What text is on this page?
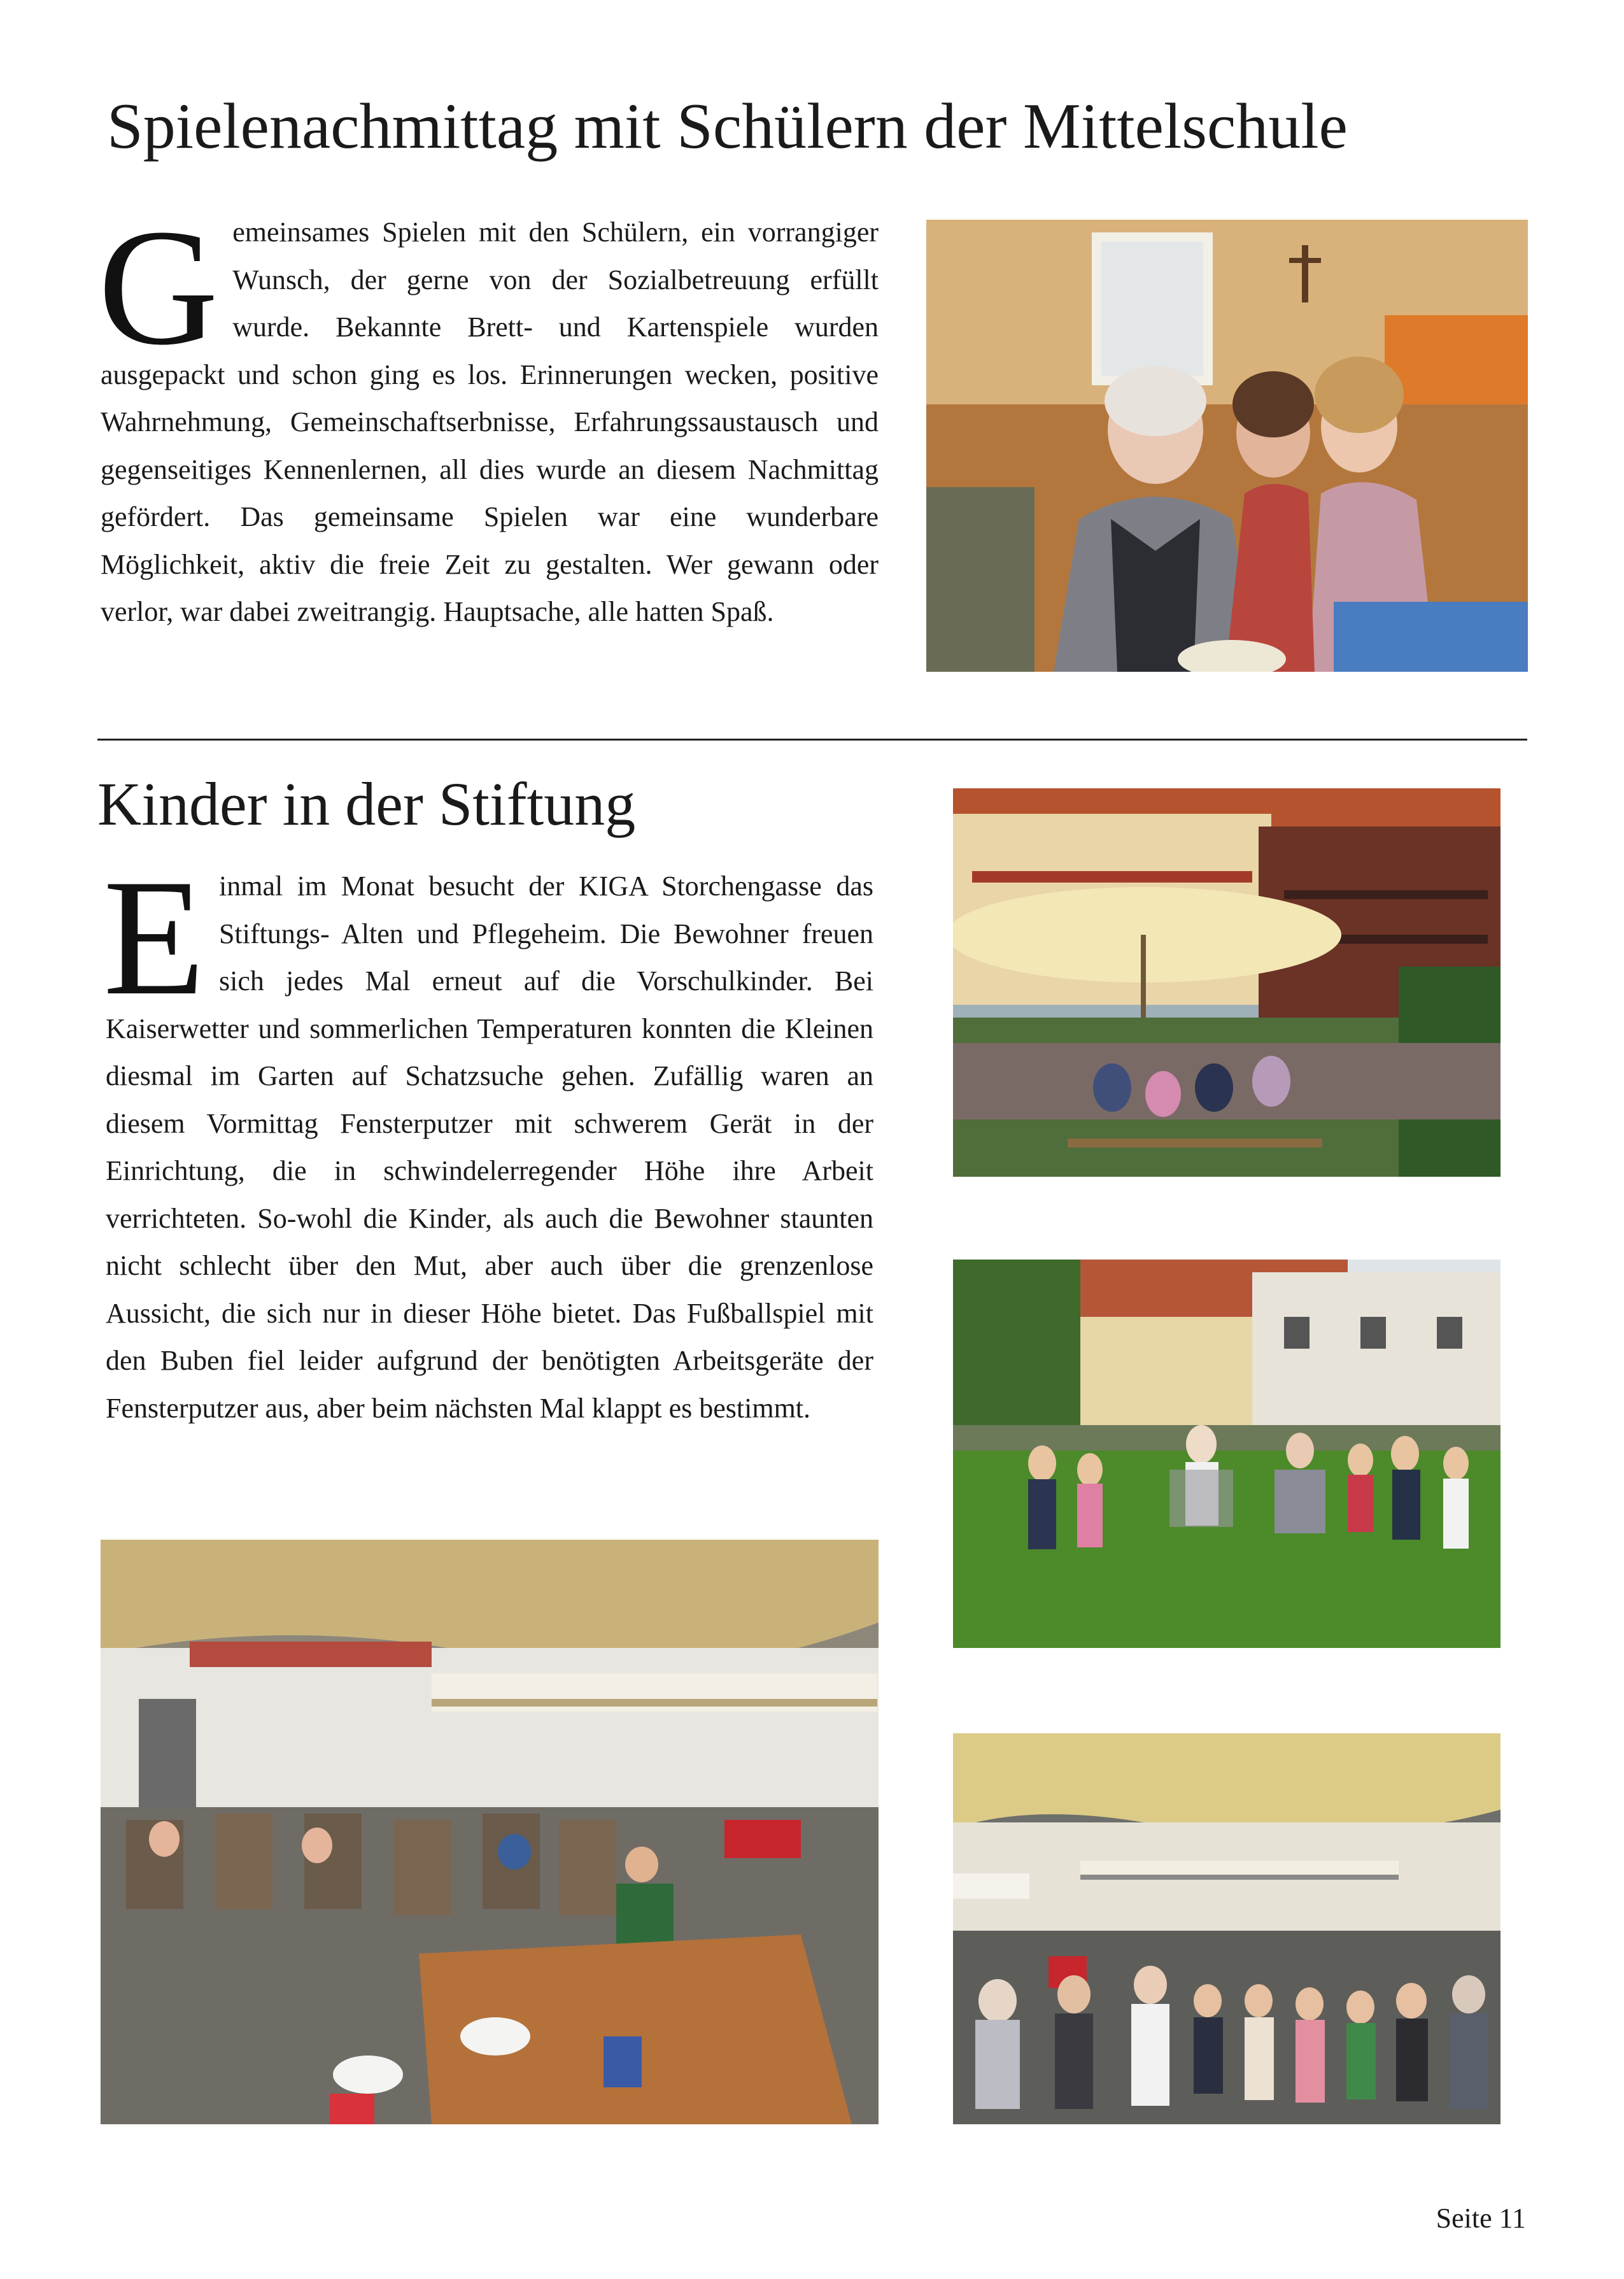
Spielenachmittag mit Schülern der Mittelschule
G emeinsames Spielen mit den Schülern, ein vorrangiger Wunsch, der gerne von der Sozialbetreuung erfüllt wurde. Bekannte Brett- und Kartenspiele wurden ausgepackt und schon ging es los. Erinnerungen wecken, positive Wahrnehmung, Gemeinschaftserbnisse, Erfahrungssaustausch und gegenseitiges Kennenlernen, all dies wurde an diesem Nachmittag gefördert. Das gemeinsame Spielen war eine wunderbare Möglichkeit, aktiv die freie Zeit zu gestalten. Wer gewann oder verlor, war dabei zweitrangig. Hauptsache, alle hatten Spaß.
Kinder in der Stiftung
E inmal im Monat besucht der KIGA Storchengasse das Stiftungs- Alten und Pflegeheim. Die Bewohner freuen sich jedes Mal erneut auf die Vorschulkinder. Bei Kaiserwetter und sommerlichen Temperaturen konnten die Kleinen diesmal im Garten auf Schatzsuche gehen. Zufällig waren an diesem Vormittag Fensterputzer mit schwerem Gerät in der Einrichtung, die in schwindelerregender Höhe ihre Arbeit verrichteten. So-wohl die Kinder, als auch die Bewohner staunten nicht schlecht über den Mut, aber auch über die grenzenlose Aussicht, die sich nur in dieser Höhe bietet. Das Fußballspiel mit den Buben fiel leider aufgrund der benötigten Arbeitsgeräte der Fensterputzer aus, aber beim nächsten Mal klappt es bestimmt.
Seite 11
